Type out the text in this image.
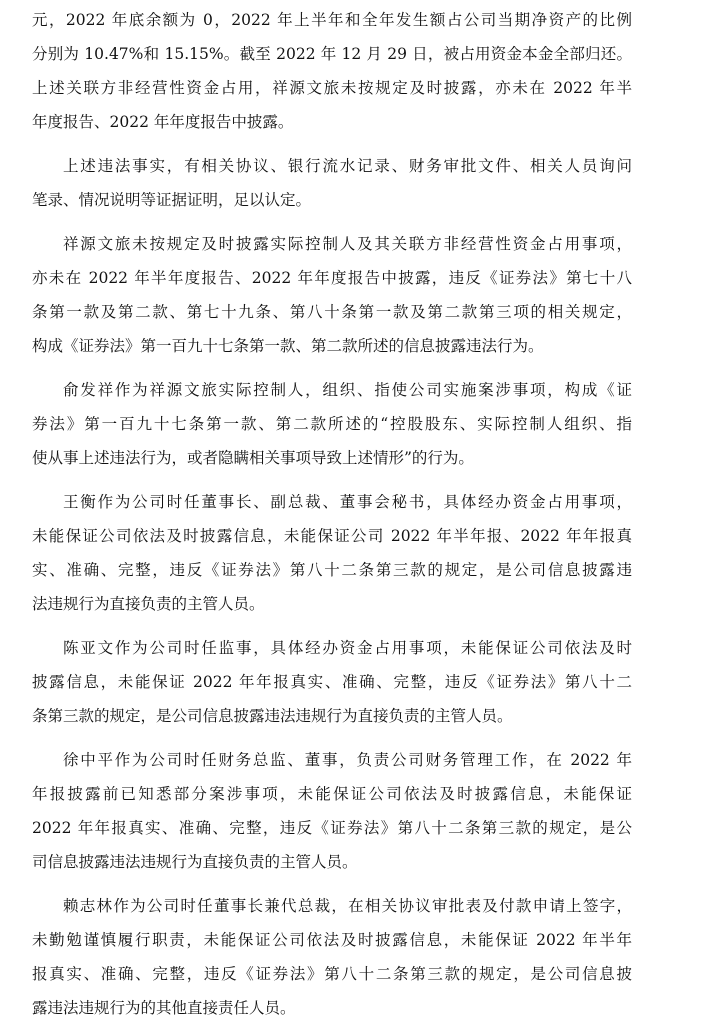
元，2022 年底余额为 0，2022 年上半年和全年发生额占公司当期净资产的比例
分别为 10.47%和 15.15%。截至 2022 年 12 月 29 日，被占用资金本金全部归还。
上述关联方非经营性资金占用，祥源文旅未按规定及时披露，亦未在 2022 年半
年度报告、2022 年年度报告中披露。
上述违法事实，有相关协议、银行流水记录、财务审批文件、相关人员询问
笔录、情况说明等证据证明，足以认定。
祥源文旅未按规定及时披露实际控制人及其关联方非经营性资金占用事项，
亦未在 2022 年半年度报告、2022 年年度报告中披露，违反《证券法》第七十八
条第一款及第二款、第七十九条、第八十条第一款及第二款第三项的相关规定，
构成《证券法》第一百九十七条第一款、第二款所述的信息披露违法行为。
俞发祥作为祥源文旅实际控制人，组织、指使公司实施案涉事项，构成《证
券法》第一百九十七条第一款、第二款所述的“控股股东、实际控制人组织、指
使从事上述违法行为，或者隐瞒相关事项导致上述情形”的行为。
王衡作为公司时任董事长、副总裁、董事会秘书，具体经办资金占用事项，
未能保证公司依法及时披露信息，未能保证公司 2022 年半年报、2022 年年报真
实、准确、完整，违反《证券法》第八十二条第三款的规定，是公司信息披露违
法违规行为直接负责的主管人员。
陈亚文作为公司时任监事，具体经办资金占用事项，未能保证公司依法及时
披露信息，未能保证 2022 年年报真实、准确、完整，违反《证券法》第八十二
条第三款的规定，是公司信息披露违法违规行为直接负责的主管人员。
徐中平作为公司时任财务总监、董事，负责公司财务管理工作，在 2022 年
年报披露前已知悉部分案涉事项，未能保证公司依法及时披露信息，未能保证
2022 年年报真实、准确、完整，违反《证券法》第八十二条第三款的规定，是公
司信息披露违法违规行为直接负责的主管人员。
赖志林作为公司时任董事长兼代总裁，在相关协议审批表及付款申请上签字，
未勤勉谨慎履行职责，未能保证公司依法及时披露信息，未能保证 2022 年半年
报真实、准确、完整，违反《证券法》第八十二条第三款的规定，是公司信息披
露违法违规行为的其他直接责任人员。
